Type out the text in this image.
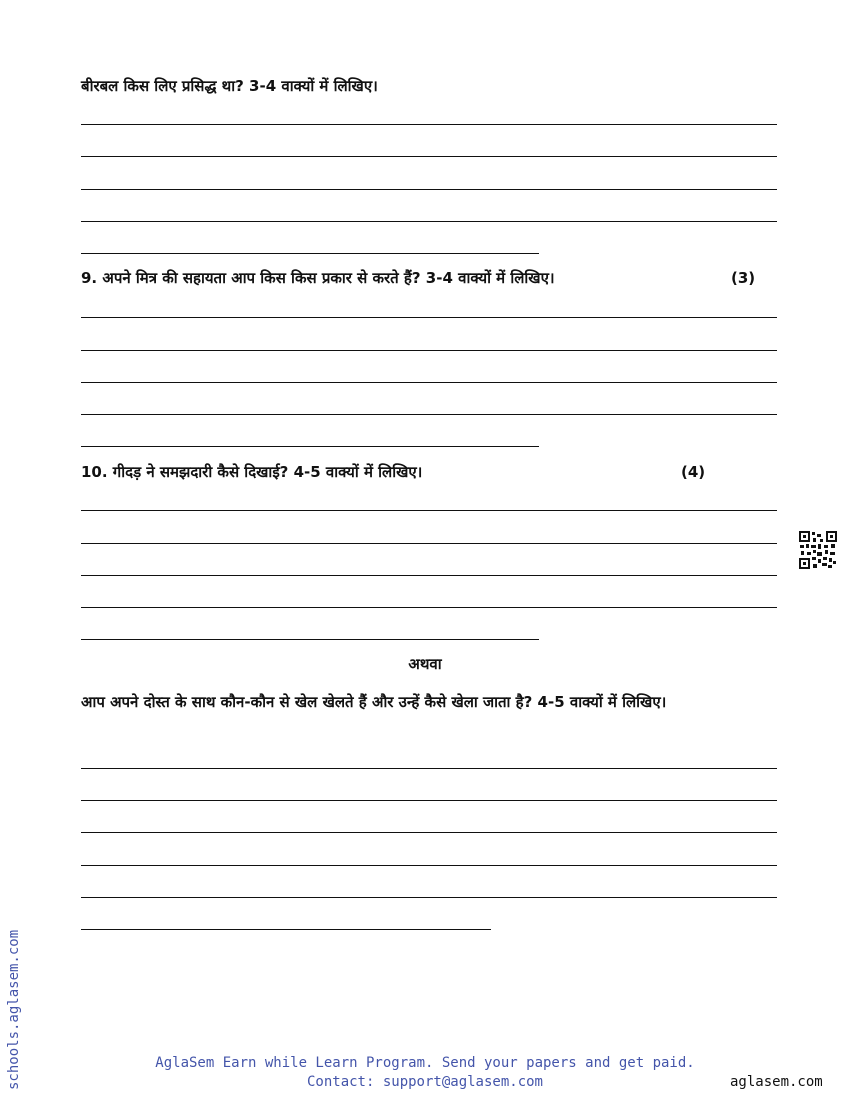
बीरबल किस लिए प्रसिद्ध था? 3-4 वाक्यों में लिखिए।
9. अपने मित्र की सहायता आप किस किस प्रकार से करते हैं? 3-4 वाक्यों में लिखिए।	(3)
10. गीदड़ ने समझदारी कैसे दिखाई? 4-5 वाक्यों में लिखिए।	(4)
अथवा
आप अपने दोस्त के साथ कौन-कौन से खेल खेलते हैं और उन्हें कैसे खेला जाता है? 4-5 वाक्यों में लिखिए।
schools.aglasem.com	AglaSem Earn while Learn Program. Send your papers and get paid.
Contact: support@aglasem.com	aglasem.com
